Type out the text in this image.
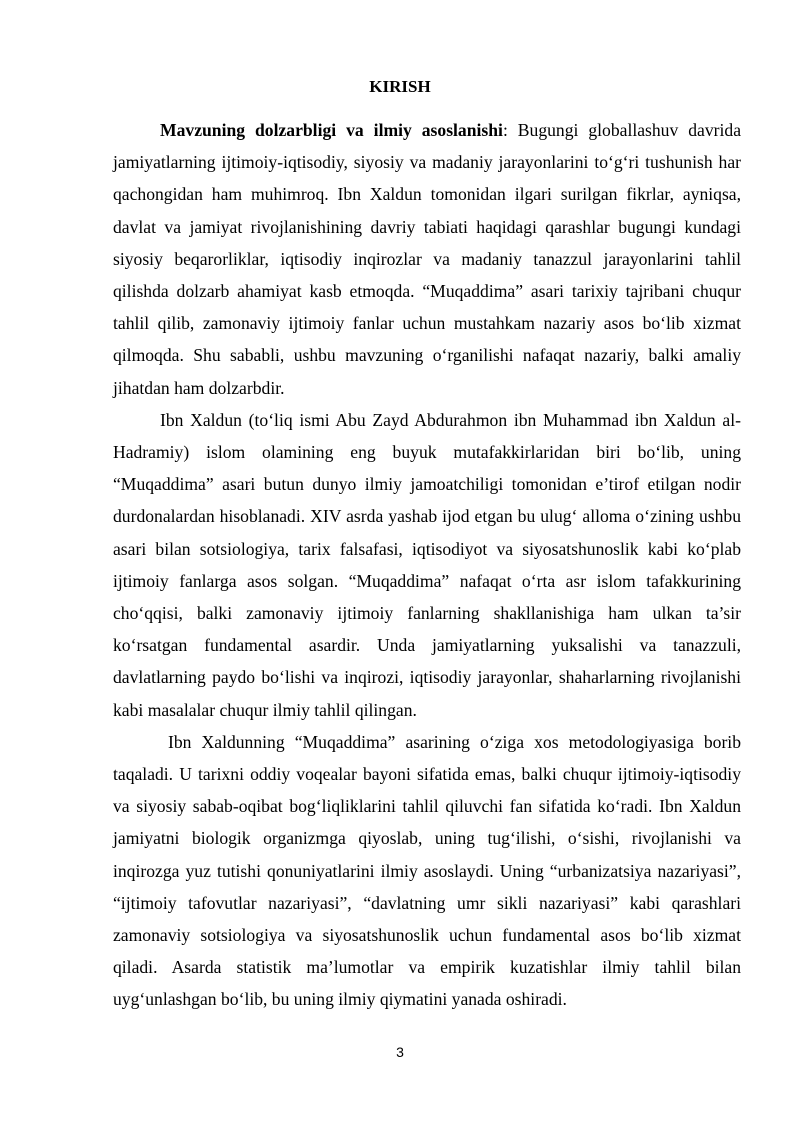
KIRISH

Mavzuning dolzarbligi va ilmiy asoslanishi: Bugungi globallashuv davrida jamiyatlarning ijtimoiy-iqtisodiy, siyosiy va madaniy jarayonlarini to‘g‘ri tushunish har qachongidan ham muhimroq. Ibn Xaldun tomonidan ilgari surilgan fikrlar, ayniqsa, davlat va jamiyat rivojlanishining davriy tabiati haqidagi qarashlar bugungi kundagi siyosiy beqarorliklar, iqtisodiy inqirozlar va madaniy tanazzul jarayonlarini tahlil qilishda dolzarb ahamiyat kasb etmoqda. “Muqaddima” asari tarixiy tajribani chuqur tahlil qilib, zamonaviy ijtimoiy fanlar uchun mustahkam nazariy asos bo‘lib xizmat qilmoqda. Shu sababli, ushbu mavzuning o‘rganilishi nafaqat nazariy, balki amaliy jihatdan ham dolzarbdir.

Ibn Xaldun (to‘liq ismi Abu Zayd Abdurahmon ibn Muhammad ibn Xaldun al-Hadramiy) islom olamining eng buyuk mutafakkirlaridan biri bo‘lib, uning “Muqaddima” asari butun dunyo ilmiy jamoatchiligi tomonidan e’tirof etilgan nodir durdonalardan hisoblanadi. XIV asrda yashab ijod etgan bu ulug‘ alloma o‘zining ushbu asari bilan sotsiologiya, tarix falsafasi, iqtisodiyot va siyosatshunoslik kabi ko‘plab ijtimoiy fanlarga asos solgan. “Muqaddima” nafaqat o‘rta asr islom tafakkurining cho‘qqisi, balki zamonaviy ijtimoiy fanlarning shakllanishiga ham ulkan ta’sir ko‘rsatgan fundamental asardir. Unda jamiyatlarning yuksalishi va tanazzuli, davlatlarning paydo bo‘lishi va inqirozi, iqtisodiy jarayonlar, shaharlarning rivojlanishi kabi masalalar chuqur ilmiy tahlil qilingan.

Ibn Xaldunning “Muqaddima” asarining o‘ziga xos metodologiyasiga borib taqaladi. U tarixni oddiy voqealar bayoni sifatida emas, balki chuqur ijtimoiy-iqtisodiy va siyosiy sabab-oqibat bog‘liqliklarini tahlil qiluvchi fan sifatida ko‘radi. Ibn Xaldun jamiyatni biologik organizmga qiyoslab, uning tug‘ilishi, o‘sishi, rivojlanishi va inqirozga yuz tutishi qonuniyatlarini ilmiy asoslaydi. Uning “urbanizatsiya nazariyasi”, “ijtimoiy tafovutlar nazariyasi”, “davlatning umr sikli nazariyasi” kabi qarashlari zamonaviy sotsiologiya va siyosatshunoslik uchun fundamental asos bo‘lib xizmat qiladi. Asarda statistik ma’lumotlar va empirik kuzatishlar ilmiy tahlil bilan uyg‘unlashgan bo‘lib, bu uning ilmiy qiymatini yanada oshiradi.

3
